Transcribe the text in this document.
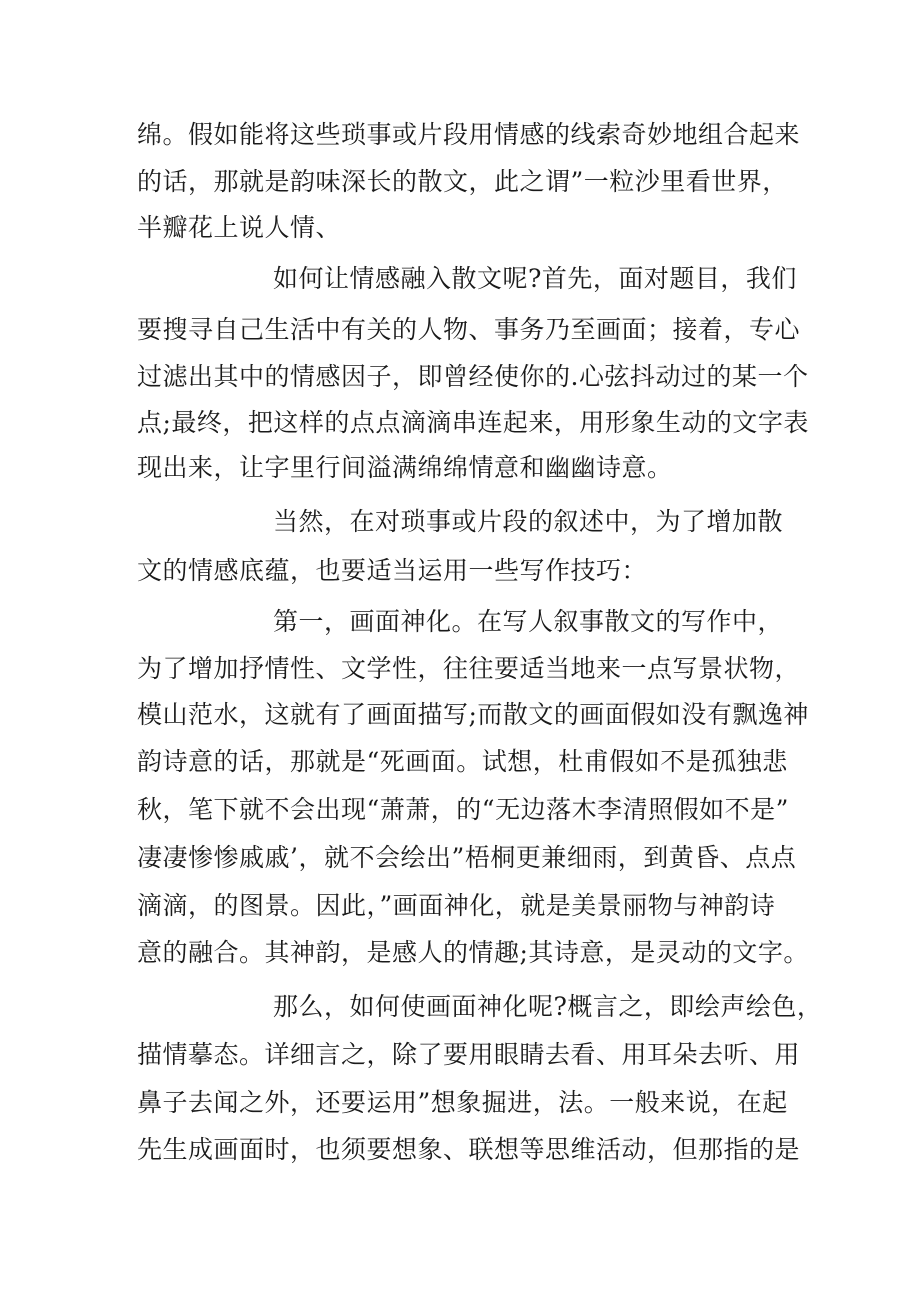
绵。假如能将这些琐事或片段用情感的线索奇妙地组合起来
的话，那就是韵味深长的散文，此之谓”一粒沙里看世界，
半瓣花上说人情、
如何让情感融入散文呢?首先，面对题目，我们
要搜寻自己生活中有关的人物、事务乃至画面；接着，专心
过滤出其中的情感因子，即曾经使你的.心弦抖动过的某一个
点;最终，把这样的点点滴滴串连起来，用形象生动的文字表
现出来，让字里行间溢满绵绵情意和幽幽诗意。
当然，在对琐事或片段的叙述中，为了增加散
文的情感底蕴，也要适当运用一些写作技巧：
第一，画面神化。在写人叙事散文的写作中，
为了增加抒情性、文学性，往往要适当地来一点写景状物，
模山范水，这就有了画面描写;而散文的画面假如没有飘逸神
韵诗意的话，那就是“死画面。试想，杜甫假如不是孤独悲
秋，笔下就不会出现“萧萧，的“无边落木李清照假如不是”
凄凄惨惨戚戚’，就不会绘出”梧桐更兼细雨，到黄昏、点点
滴滴，的图景。因此，”画面神化，就是美景丽物与神韵诗
意的融合。其神韵，是感人的情趣;其诗意，是灵动的文字。
那么，如何使画面神化呢?概言之，即绘声绘色，
描情摹态。详细言之，除了要用眼睛去看、用耳朵去听、用
鼻子去闻之外，还要运用”想象掘进，法。一般来说，在起
先生成画面时，也须要想象、联想等思维活动，但那指的是
